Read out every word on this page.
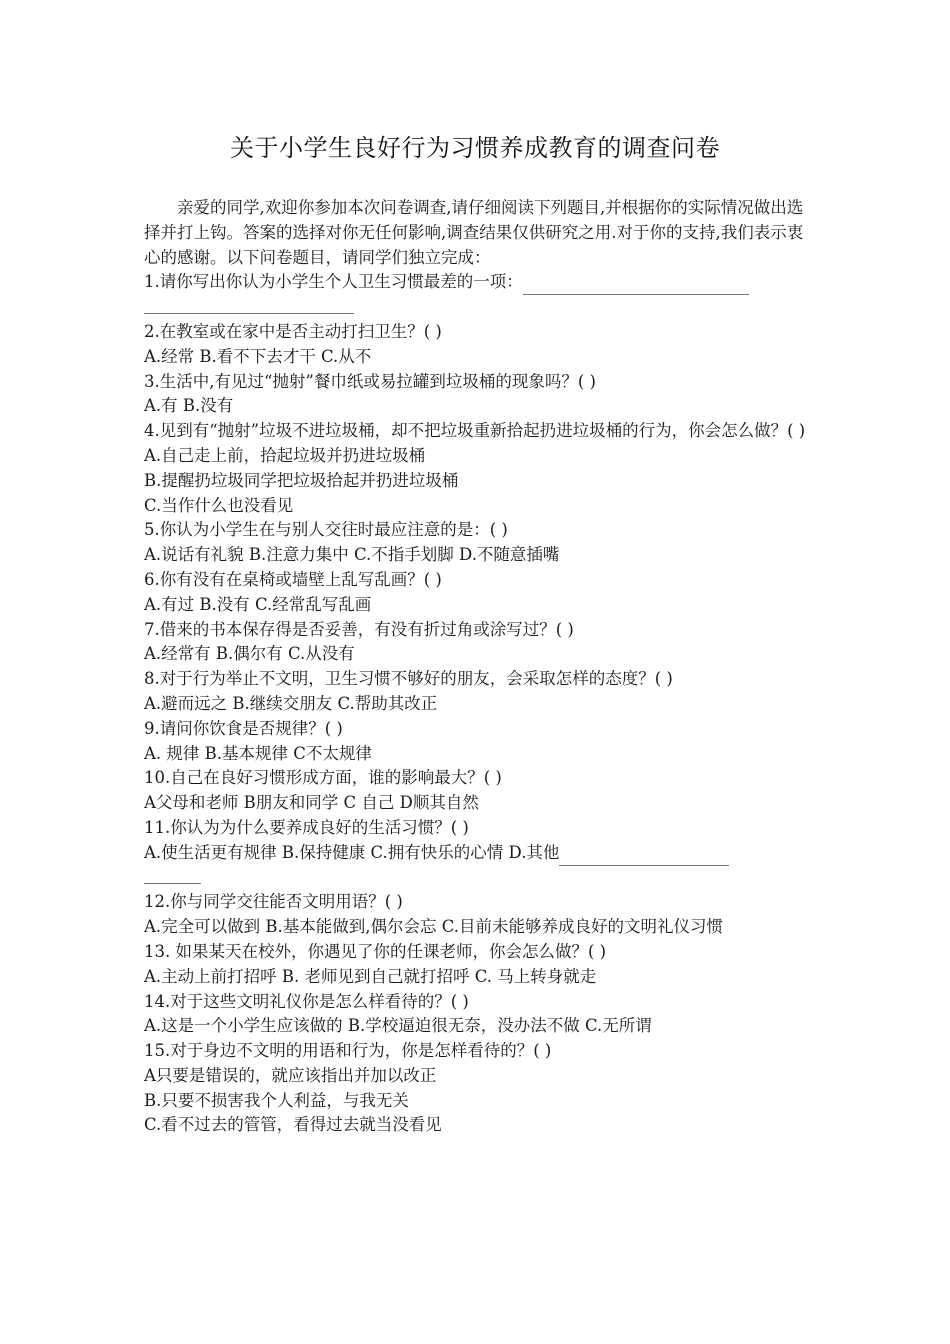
关于小学生良好行为习惯养成教育的调查问卷

亲爱的同学,欢迎你参加本次问卷调查,请仔细阅读下列题目,并根据你的实际情况做出选择并打上钩。答案的选择对你无任何影响,调查结果仅供研究之用.对于你的支持,我们表示衷心的感谢。以下问卷题目，请同学们独立完成：

1.请你写出你认为小学生个人卫生习惯最差的一项：

2.在教室或在家中是否主动打扫卫生？( )

A.经常 B.看不下去才干 C.从不

3.生活中,有见过“抛射”餐巾纸或易拉罐到垃圾桶的现象吗？( )

A.有 B.没有

4.见到有“抛射”垃圾不进垃圾桶，却不把垃圾重新拾起扔进垃圾桶的行为，你会怎么做？( )

A.自己走上前，拾起垃圾并扔进垃圾桶

B.提醒扔垃圾同学把垃圾拾起并扔进垃圾桶

C.当作什么也没看见

5.你认为小学生在与别人交往时最应注意的是：( )

A.说话有礼貌 B.注意力集中 C.不指手划脚 D.不随意插嘴

6.你有没有在桌椅或墙壁上乱写乱画？( )

A.有过 B.没有 C.经常乱写乱画

7.借来的书本保存得是否妥善，有没有折过角或涂写过？( )

A.经常有 B.偶尔有 C.从没有

8.对于行为举止不文明，卫生习惯不够好的朋友，会采取怎样的态度？( )

A.避而远之 B.继续交朋友 C.帮助其改正

9.请问你饮食是否规律？( )

A. 规律 B.基本规律 C不太规律

10.自己在良好习惯形成方面，谁的影响最大？( )

A父母和老师 B朋友和同学 C 自己 D顺其自然

11.你认为为什么要养成良好的生活习惯？( )

A.使生活更有规律 B.保持健康 C.拥有快乐的心情 D.其他

12.你与同学交往能否文明用语？( )

A.完全可以做到 B.基本能做到,偶尔会忘 C.目前未能够养成良好的文明礼仪习惯

13. 如果某天在校外，你遇见了你的任课老师，你会怎么做？( )

A.主动上前打招呼 B. 老师见到自己就打招呼 C. 马上转身就走

14.对于这些文明礼仪你是怎么样看待的？( )

A.这是一个小学生应该做的 B.学校逼迫很无奈，没办法不做 C.无所谓

15.对于身边不文明的用语和行为，你是怎样看待的？( )

A只要是错误的，就应该指出并加以改正

B.只要不损害我个人利益，与我无关

C.看不过去的管管，看得过去就当没看见
